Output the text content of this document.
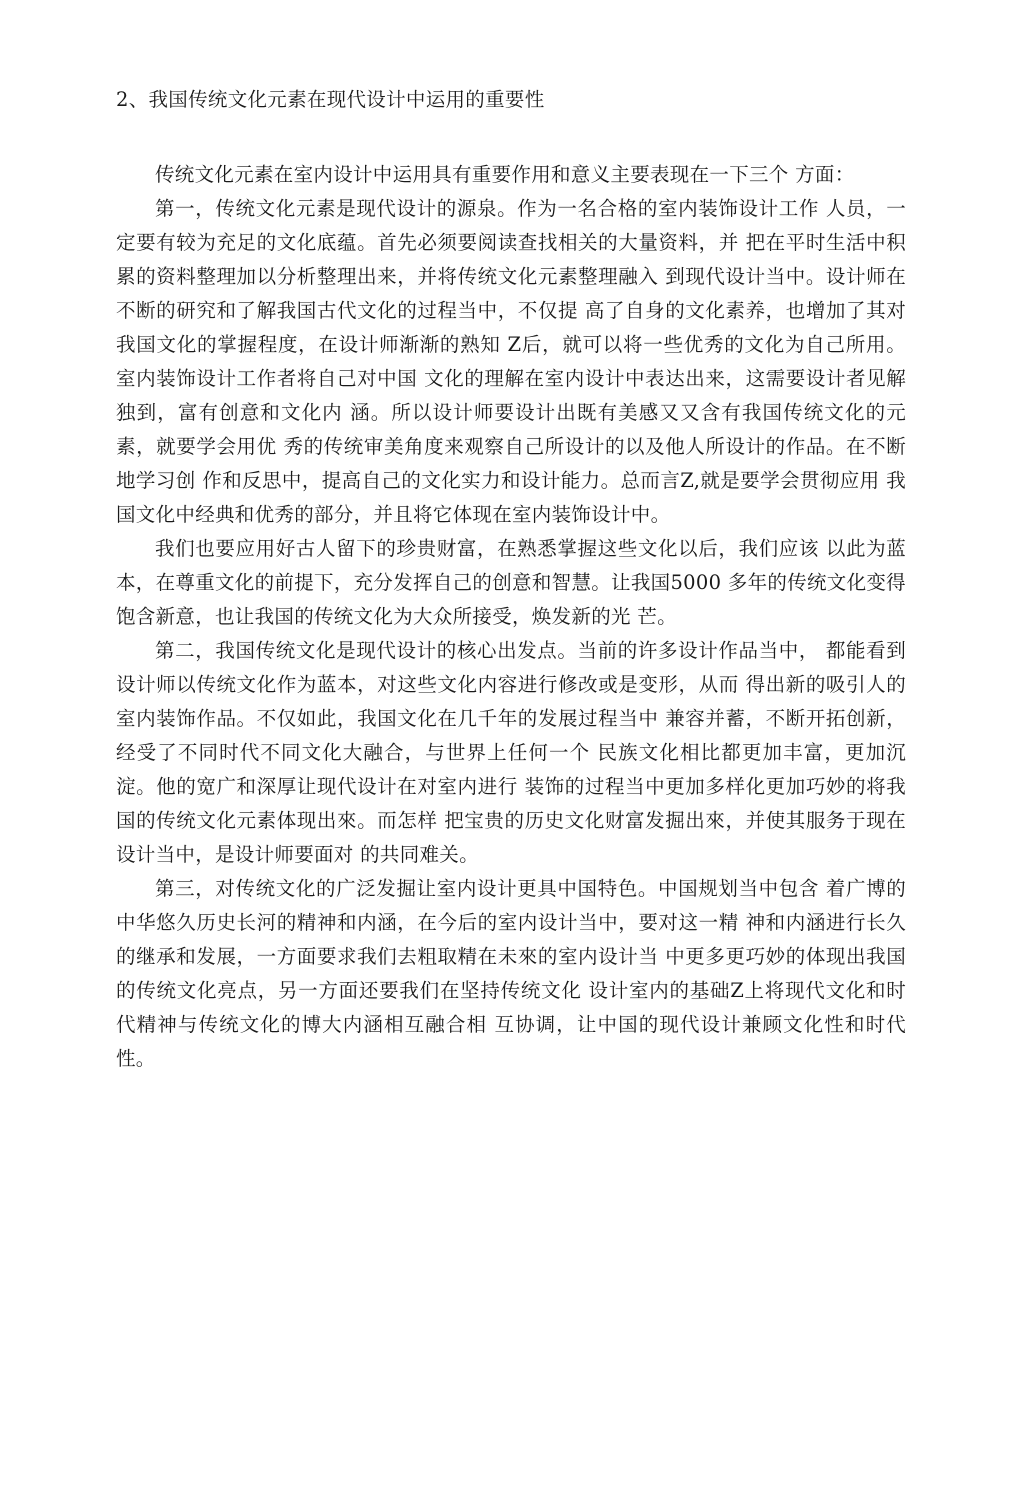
2、我国传统文化元素在现代设计中运用的重要性

传统文化元素在室内设计中运用具有重要作用和意义主要表现在一下三个 方面：

第一，传统文化元素是现代设计的源泉。作为一名合格的室内装饰设计工作 人员，一定要有较为充足的文化底蕴。首先必须要阅读查找相关的大量资料，并 把在平时生活中积累的资料整理加以分析整理出来，并将传统文化元素整理融入 到现代设计当中。设计师在不断的研究和了解我国古代文化的过程当中，不仅提 高了自身的文化素养，也增加了其对我国文化的掌握程度，在设计师渐渐的熟知 Z后，就可以将一些优秀的文化为自己所用。室内装饰设计工作者将自己对中国 文化的理解在室内设计中表达出来，这需要设计者见解独到，富有创意和文化内 涵。所以设计师要设计出既有美感又又含有我国传统文化的元素，就要学会用优 秀的传统审美角度来观察自己所设计的以及他人所设计的作品。在不断地学习创 作和反思中，提高自己的文化实力和设计能力。总而言Z,就是要学会贯彻应用 我国文化中经典和优秀的部分，并且将它体现在室内装饰设计中。

我们也要应用好古人留下的珍贵财富，在熟悉掌握这些文化以后，我们应该 以此为蓝本，在尊重文化的前提下，充分发挥自己的创意和智慧。让我国5000 多年的传统文化变得饱含新意，也让我国的传统文化为大众所接受，焕发新的光 芒。

第二，我国传统文化是现代设计的核心出发点。当前的许多设计作品当中， 都能看到设计师以传统文化作为蓝本，对这些文化内容进行修改或是变形，从而 得出新的吸引人的室内装饰作品。不仅如此，我国文化在几千年的发展过程当中 兼容并蓄，不断开拓创新，经受了不同时代不同文化大融合，与世界上任何一个 民族文化相比都更加丰富，更加沉淀。他的宽广和深厚让现代设计在对室内进行 装饰的过程当中更加多样化更加巧妙的将我国的传统文化元素体现出來。而怎样 把宝贵的历史文化财富发掘出來，并使其服务于现在设计当中，是设计师要面对 的共同难关。

第三，对传统文化的广泛发掘让室内设计更具中国特色。中国规划当中包含 着广博的中华悠久历史长河的精神和内涵，在今后的室内设计当中，要对这一精 神和内涵进行长久的继承和发展，一方面要求我们去粗取精在未來的室内设计当 中更多更巧妙的体现出我国的传统文化亮点，另一方面还要我们在坚持传统文化 设计室内的基础Z上将现代文化和时代精神与传统文化的博大内涵相互融合相 互协调，让中国的现代设计兼顾文化性和时代性。
